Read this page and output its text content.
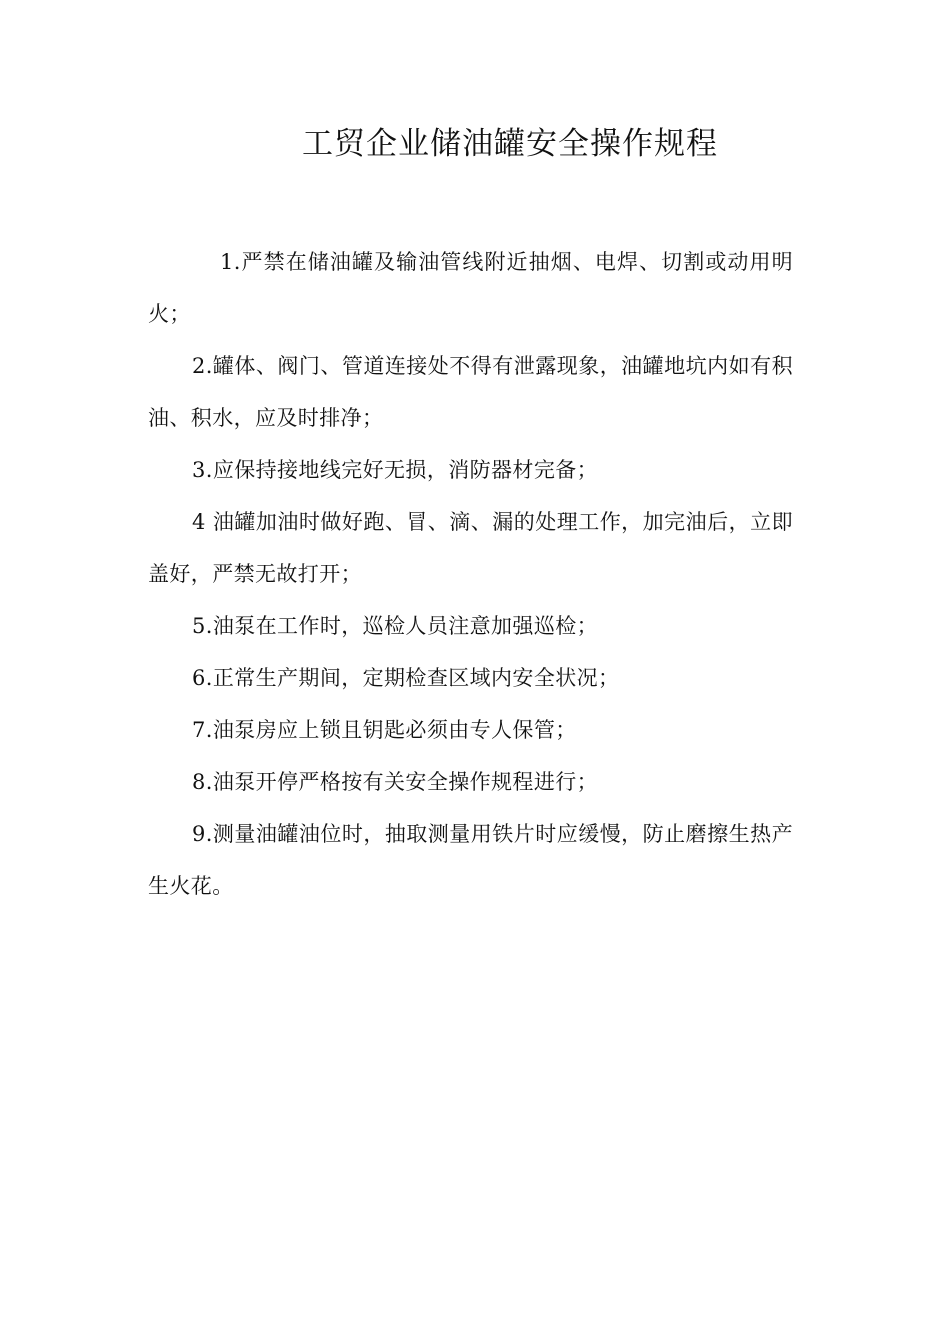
工贸企业储油罐安全操作规程

1.严禁在储油罐及输油管线附近抽烟、电焊、切割或动用明火；

2.罐体、阀门、管道连接处不得有泄露现象，油罐地坑内如有积油、积水，应及时排净；

3.应保持接地线完好无损，消防器材完备；

4 油罐加油时做好跑、冒、滴、漏的处理工作，加完油后，立即盖好，严禁无故打开；

5.油泵在工作时，巡检人员注意加强巡检；

6.正常生产期间，定期检查区域内安全状况；

7.油泵房应上锁且钥匙必须由专人保管；

8.油泵开停严格按有关安全操作规程进行；

9.测量油罐油位时，抽取测量用铁片时应缓慢，防止磨擦生热产生火花。
